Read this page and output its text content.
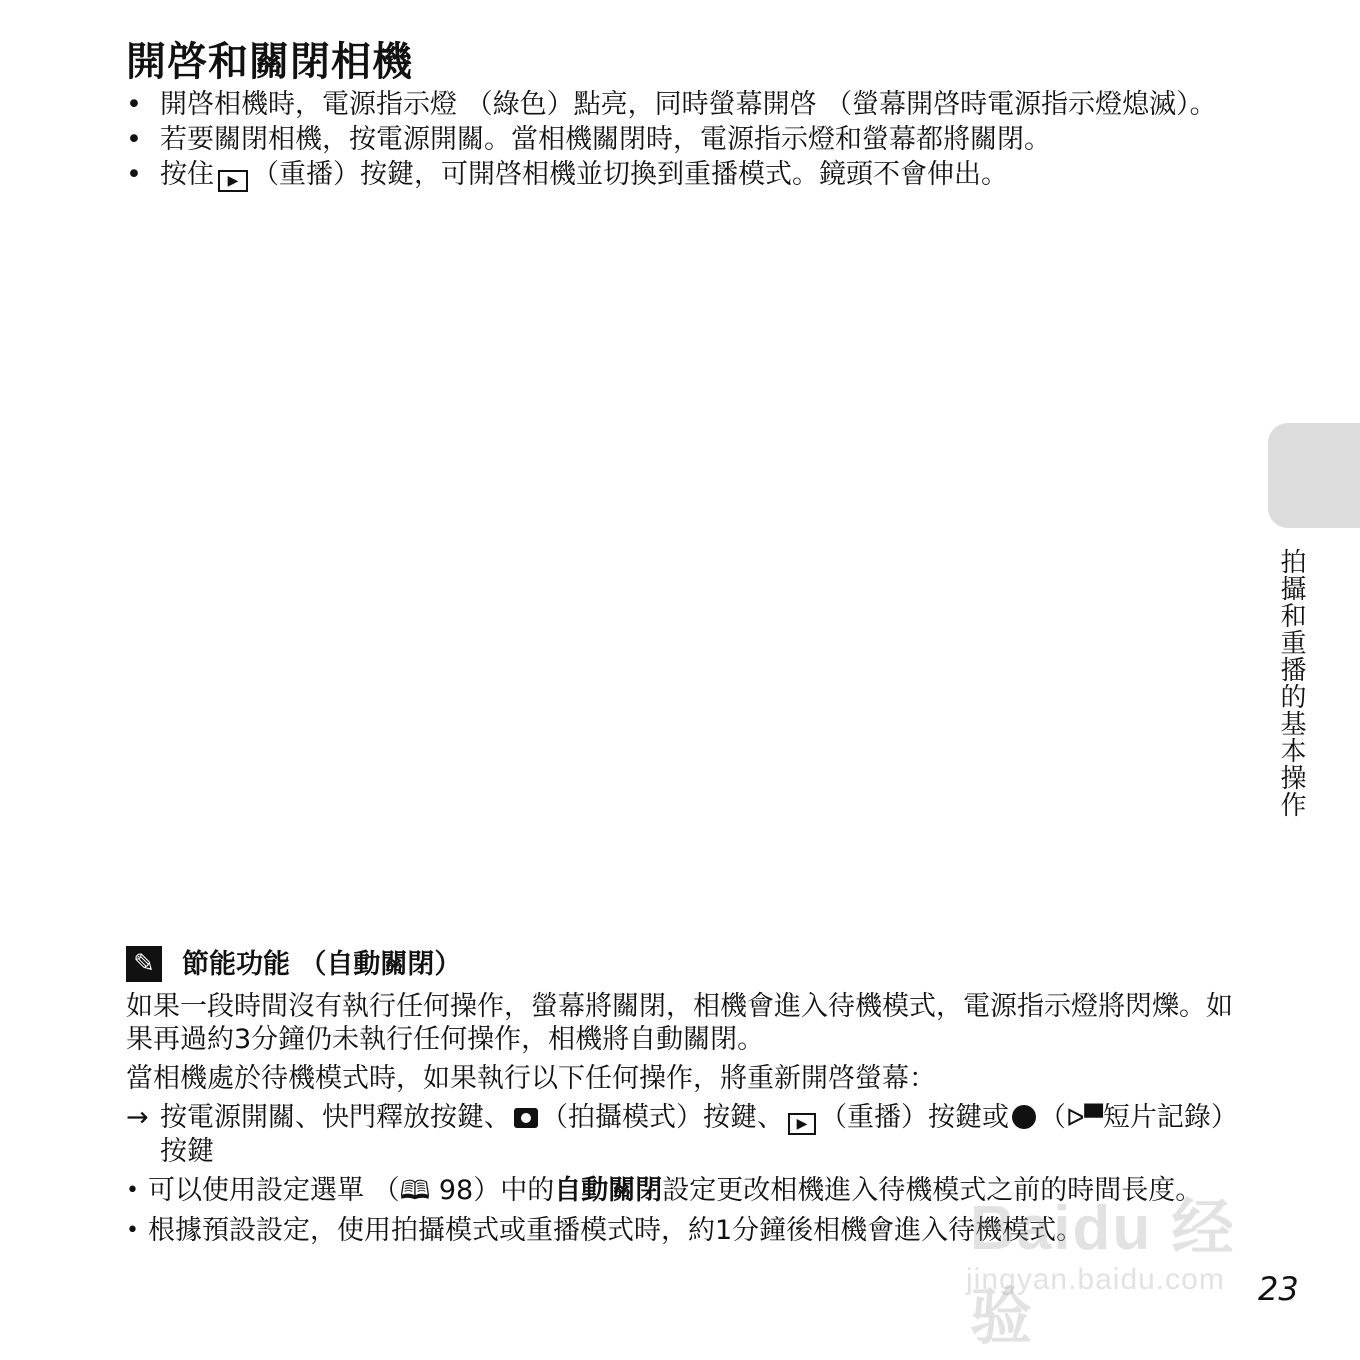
開啓和關閉相機
• 開啓相機時，電源指示燈 （綠色）點亮，同時螢幕開啓 （螢幕開啓時電源指示燈熄滅）。
• 若要關閉相機，按電源開關。當相機關閉時，電源指示燈和螢幕都將關閉。
• 按住 ▶ （重播）按鍵，可開啓相機並切換到重播模式。鏡頭不會伸出。
拍攝和重播的基本操作
✎ 節能功能 （自動關閉）

如果一段時間沒有執行任何操作，螢幕將關閉，相機會進入待機模式，電源指示燈將閃爍。如果再過約3分鐘仍未執行任何操作，相機將自動關閉。

當相機處於待機模式時，如果執行以下任何操作，將重新開啓螢幕：

→ 按電源開關、快門釋放按鍵、 （拍攝模式）按鍵、 ▶ （重播）按鍵或 （ᐅ▀短片記錄）按鍵
• 可以使用設定選單 （🕮 98）中的自動關閉設定更改相機進入待機模式之前的時間長度。
• 根據預設設定，使用拍攝模式或重播模式時，約1分鐘後相機會進入待機模式。
Baidu 经验
jingyan.baidu.com 23
